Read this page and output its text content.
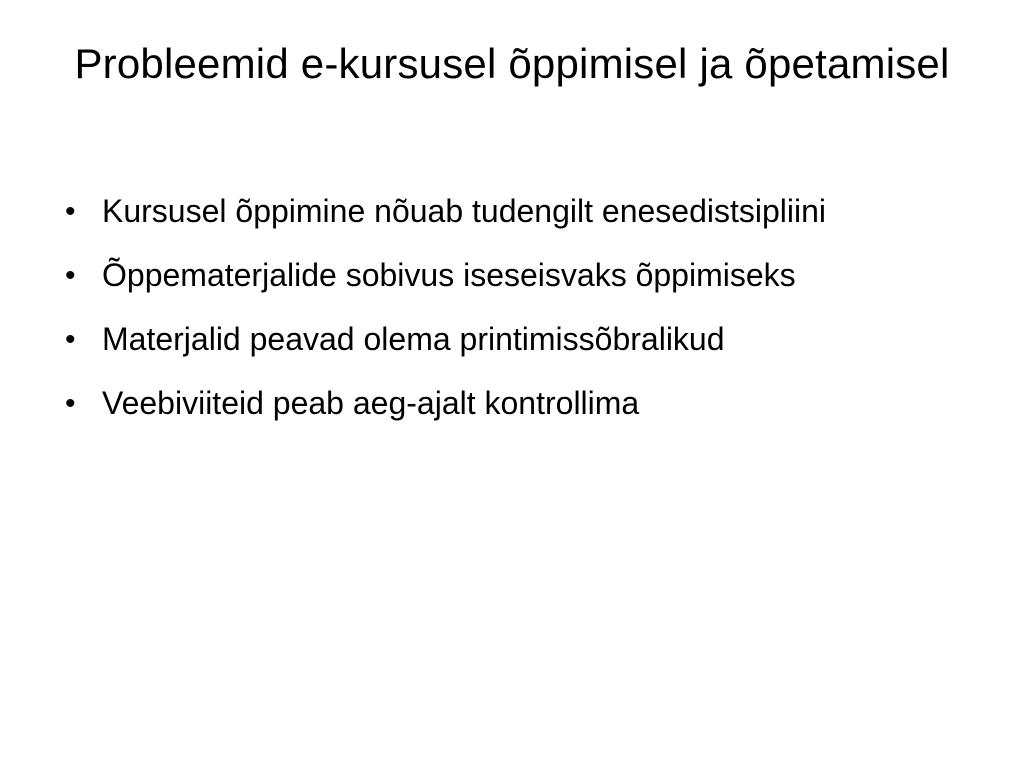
Probleemid e-kursusel õppimisel ja õpetamisel
• Kursusel õppimine nõuab tudengilt enesedistsipliini
• Õppematerjalide sobivus iseseisvaks õppimiseks
• Materjalid peavad olema printimissõbralikud
• Veebiviiteid peab aeg-ajalt kontrollima
